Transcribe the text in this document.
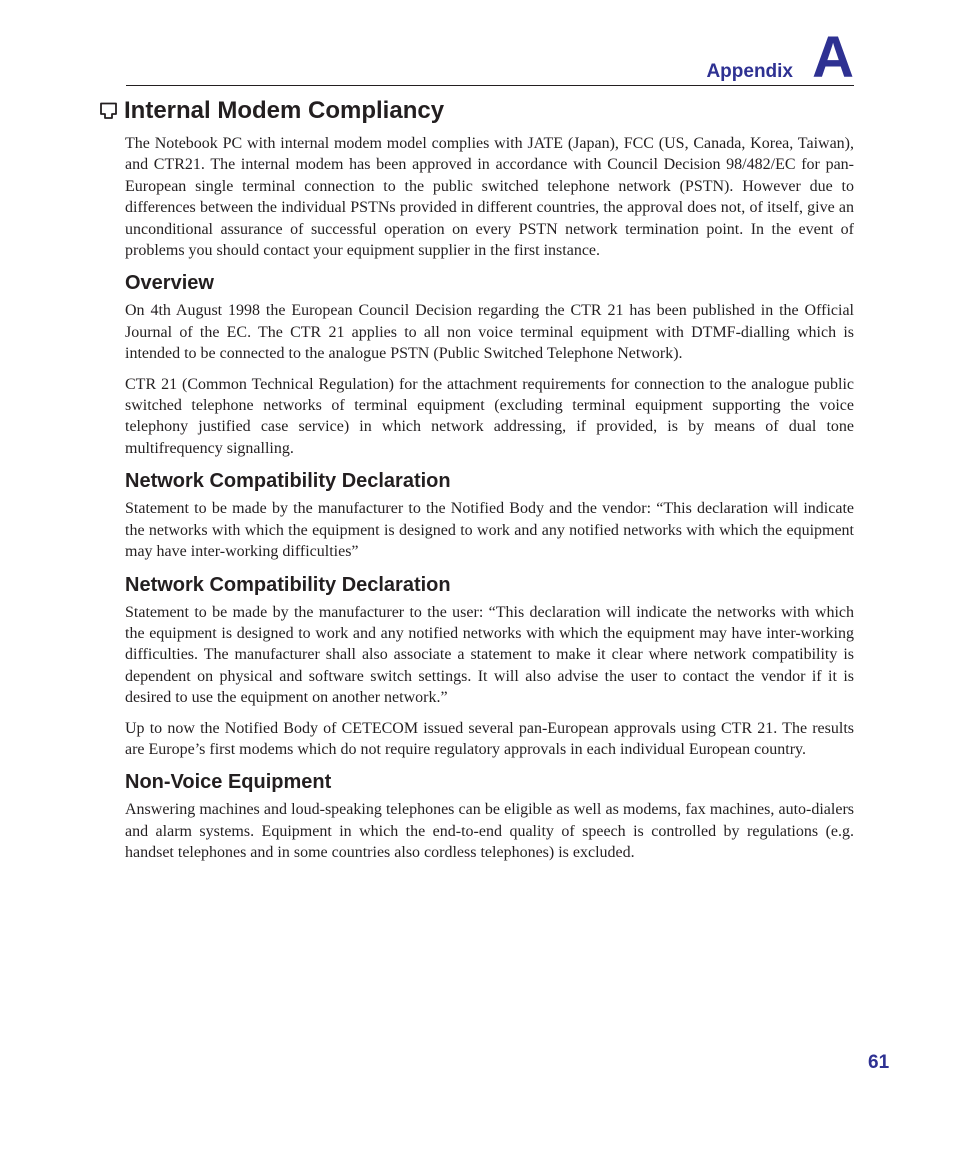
Appendix A
Internal Modem Compliancy

The Notebook PC with internal modem model complies with JATE (Japan), FCC (US, Canada, Korea, Taiwan), and CTR21. The internal modem has been approved in accordance with Council Decision 98/482/EC for pan-European single terminal connection to the public switched telephone network (PSTN). However due to differences between the individual PSTNs provided in different countries, the approval does not, of itself, give an unconditional assurance of successful operation on every PSTN network termination point. In the event of problems you should contact your equipment supplier in the first instance.

Overview

On 4th August 1998 the European Council Decision regarding the CTR 21 has been published in the Official Journal of the EC. The CTR 21 applies to all non voice terminal equipment with DTMF-dialling which is intended to be connected to the analogue PSTN (Public Switched Telephone Network).

CTR 21 (Common Technical Regulation) for the attachment requirements for connection to the analogue public switched telephone networks of terminal equipment (excluding terminal equipment supporting the voice telephony justified case service) in which network addressing, if provided, is by means of dual tone multifrequency signalling.

Network Compatibility Declaration

Statement to be made by the manufacturer to the Notified Body and the vendor: “This declaration will indicate the networks with which the equipment is designed to work and any notified networks with which the equipment may have inter-working difficulties”

Network Compatibility Declaration

Statement to be made by the manufacturer to the user: “This declaration will indicate the networks with which the equipment is designed to work and any notified networks with which the equipment may have inter-working difficulties. The manufacturer shall also associate a statement to make it clear where network compatibility is dependent on physical and software switch settings. It will also advise the user to contact the vendor if it is desired to use the equipment on another network.”

Up to now the Notified Body of CETECOM issued several pan-European approvals using CTR 21. The results are Europe’s first modems which do not require regulatory approvals in each individual European country.

Non-Voice Equipment

Answering machines and loud-speaking telephones can be eligible as well as modems, fax machines, auto-dialers and alarm systems. Equipment in which the end-to-end quality of speech is controlled by regulations (e.g. handset telephones and in some countries also cordless telephones) is excluded.

61
